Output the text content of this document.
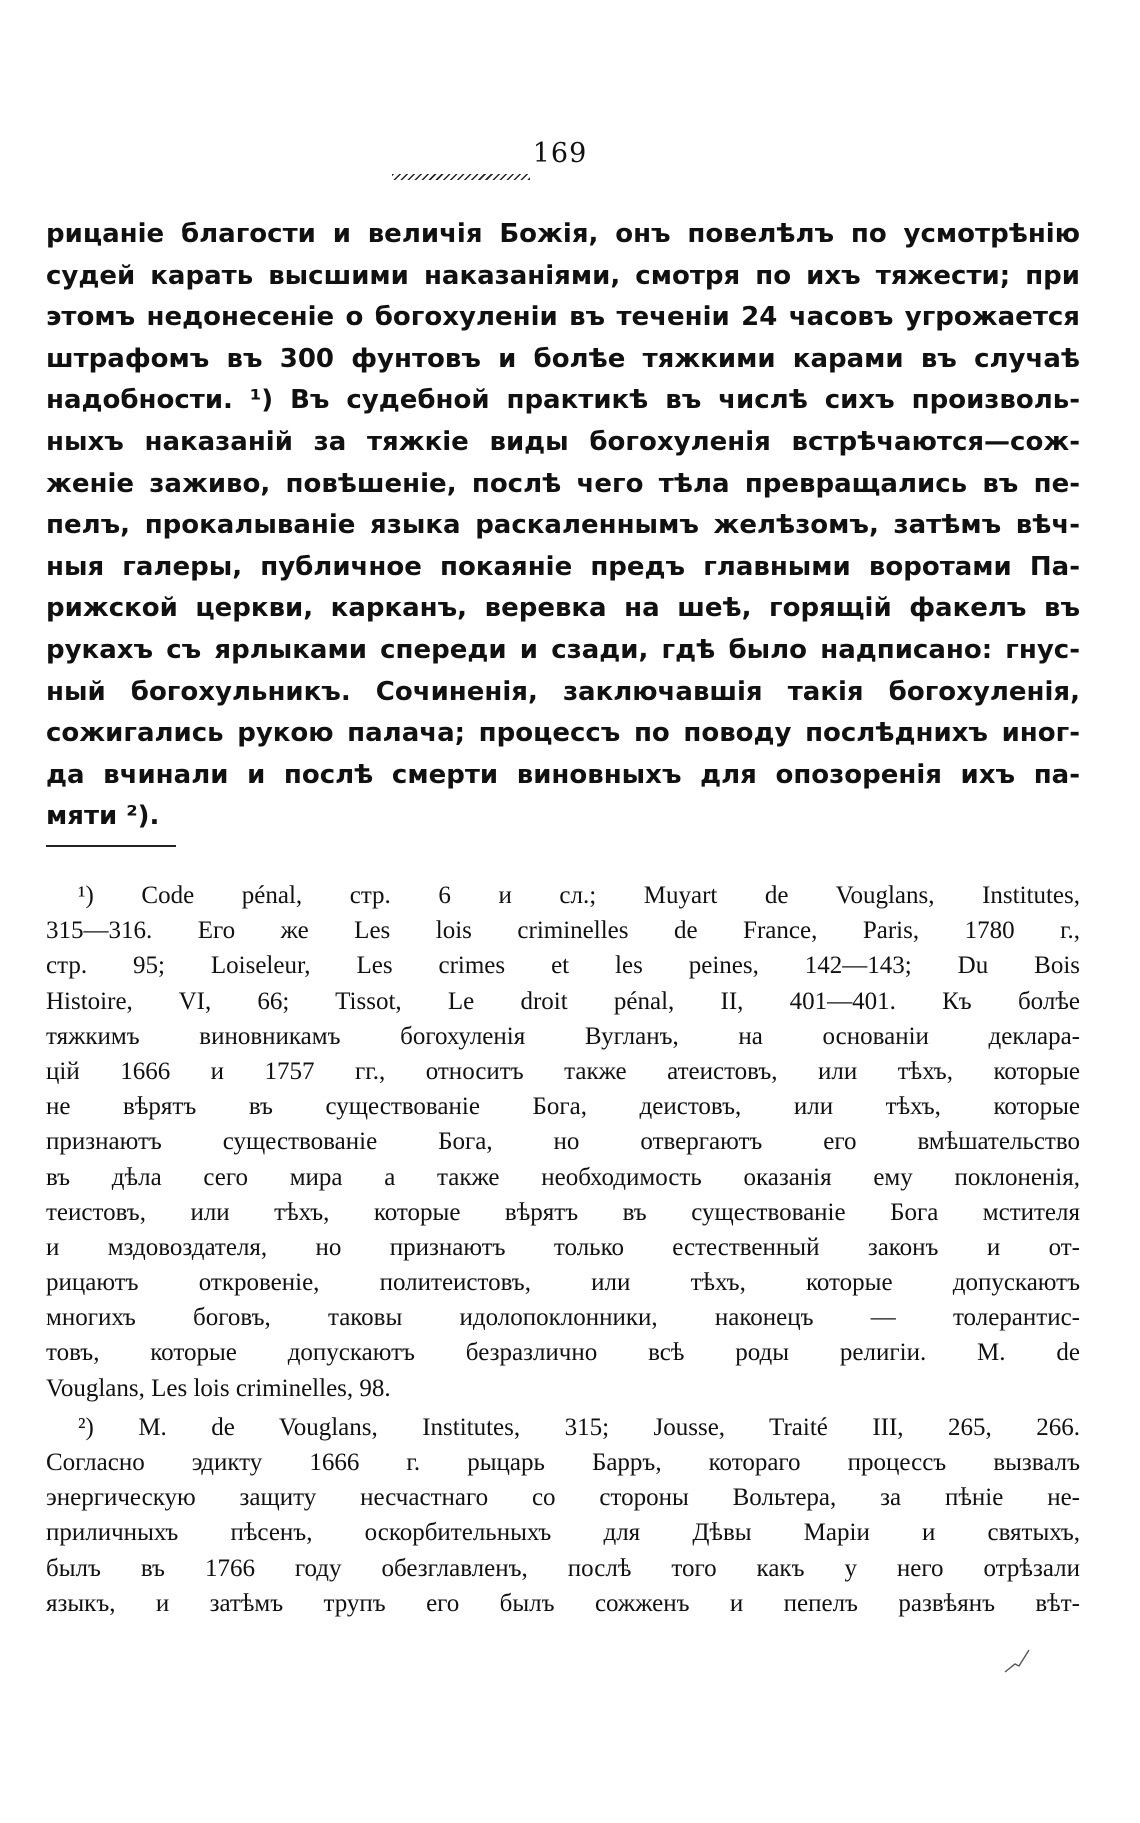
169
рицаніе благости и величія Божія, онъ повелѣлъ по усмотрѣнію
судей карать высшими наказаніями, смотря по ихъ тяжести; при
этомъ недонесеніе о богохуленіи въ теченіи 24 часовъ угрожается
штрафомъ въ 300 фунтовъ и болѣе тяжкими карами въ случаѣ
надобности. ¹) Въ судебной практикѣ въ числѣ сихъ произволь-
ныхъ наказаній за тяжкіе виды богохуленія встрѣчаются—сож-
женіе заживо, повѣшеніе, послѣ чего тѣла превращались въ пе-
пелъ, прокалываніе языка раскаленнымъ желѣзомъ, затѣмъ вѣч-
ныя галеры, публичное покаяніе предъ главными воротами Па-
рижской церкви, карканъ, веревка на шеѣ, горящій факелъ въ
рукахъ съ ярлыками спереди и сзади, гдѣ было надписано: гнус-
ный богохульникъ. Сочиненія, заключавшія такія богохуленія,
сожигались рукою палача; процессъ по поводу послѣднихъ иног-
да вчинали и послѣ смерти виновныхъ для опозоренія ихъ па-
мяти ²).
¹) Code pénal, стр. 6 и сл.; Muyart de Vouglans, Institutes,
315—316. Его же Les lois criminelles de France, Paris, 1780 г.,
стр. 95; Loiseleur, Les crimes et les peines, 142—143; Du Bois
Histoire, VI, 66; Tissot, Le droit pénal, II, 401—401. Къ болѣе
тяжкимъ виновникамъ богохуленія Вугланъ, на основаніи деклара-
цій 1666 и 1757 гг., относитъ также атеистовъ, или тѣхъ, которые
не вѣрятъ въ существованіе Бога, деистовъ, или тѣхъ, которые
признаютъ существованіе Бога, но отвергаютъ его вмѣшательство
въ дѣла сего мира а также необходимость оказанія ему поклоненія,
теистовъ, или тѣхъ, которые вѣрятъ въ существованіе Бога мстителя
и мздовоздателя, но признаютъ только естественный законъ и от-
рицаютъ откровеніе, политеистовъ, или тѣхъ, которые допускаютъ
многихъ боговъ, таковы идолопоклонники, наконецъ — толерантис-
товъ, которые допускаютъ безразлично всѣ роды религіи. M. de
Vouglans, Les lois criminelles, 98.
²) M. de Vouglans, Institutes, 315; Jousse, Traité III, 265, 266.
Согласно эдикту 1666 г. рыцарь Барръ, котораго процессъ вызвалъ
энергическую защиту несчастнаго со стороны Вольтера, за пѣніе не-
приличныхъ пѣсенъ, оскорбительныхъ для Дѣвы Маріи и святыхъ,
былъ въ 1766 году обезглавленъ, послѣ того какъ у него отрѣзали
языкъ, и затѣмъ трупъ его былъ сожженъ и пепелъ развѣянъ вѣт-
